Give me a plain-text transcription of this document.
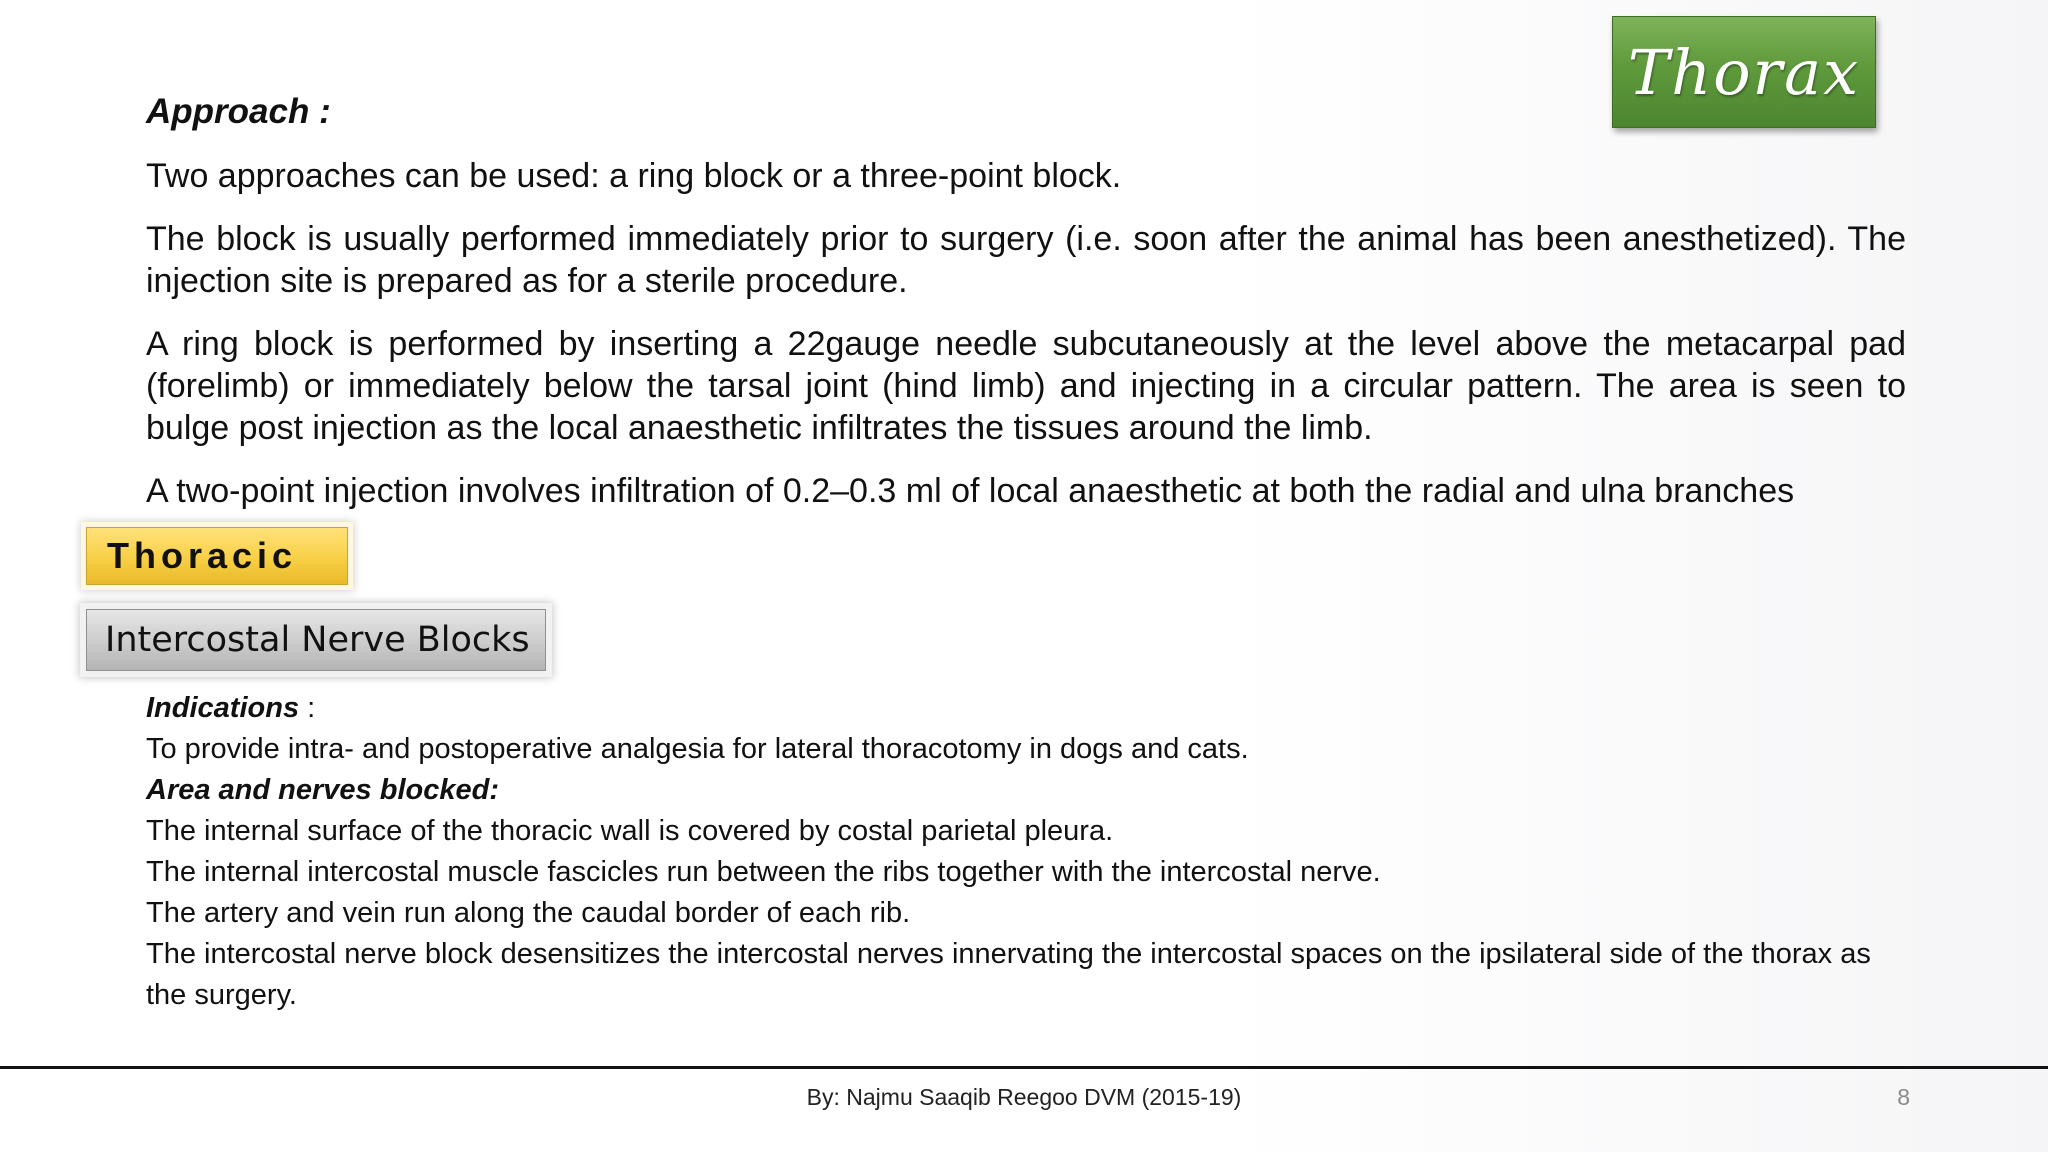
Thorax
Approach :
Two approaches can be used: a ring block or a three-point block.
The block is usually performed immediately prior to surgery (i.e. soon after the animal has been anesthetized). The injection site is prepared as for a sterile procedure.
A ring block is performed by inserting a 22gauge needle subcutaneously at the level above the metacarpal pad (forelimb) or immediately below the tarsal joint (hind limb) and injecting in a circular pattern. The area is seen to bulge post injection as the local anaesthetic infiltrates the tissues around the limb.
A two-point injection involves infiltration of 0.2–0.3 ml of local anaesthetic at both the radial and ulna branches
Thoracic
Intercostal Nerve Blocks
Indications :
To provide intra- and postoperative analgesia for lateral thoracotomy in dogs and cats.
Area and nerves blocked:
The internal surface of the thoracic wall is covered by costal parietal pleura.
The internal intercostal muscle fascicles run between the ribs together with the intercostal nerve.
The artery and vein run along the caudal border of each rib.
The intercostal nerve block desensitizes the intercostal nerves innervating the intercostal spaces on the ipsilateral side of the thorax as the surgery.
By: Najmu Saaqib Reegoo DVM (2015-19)	8
